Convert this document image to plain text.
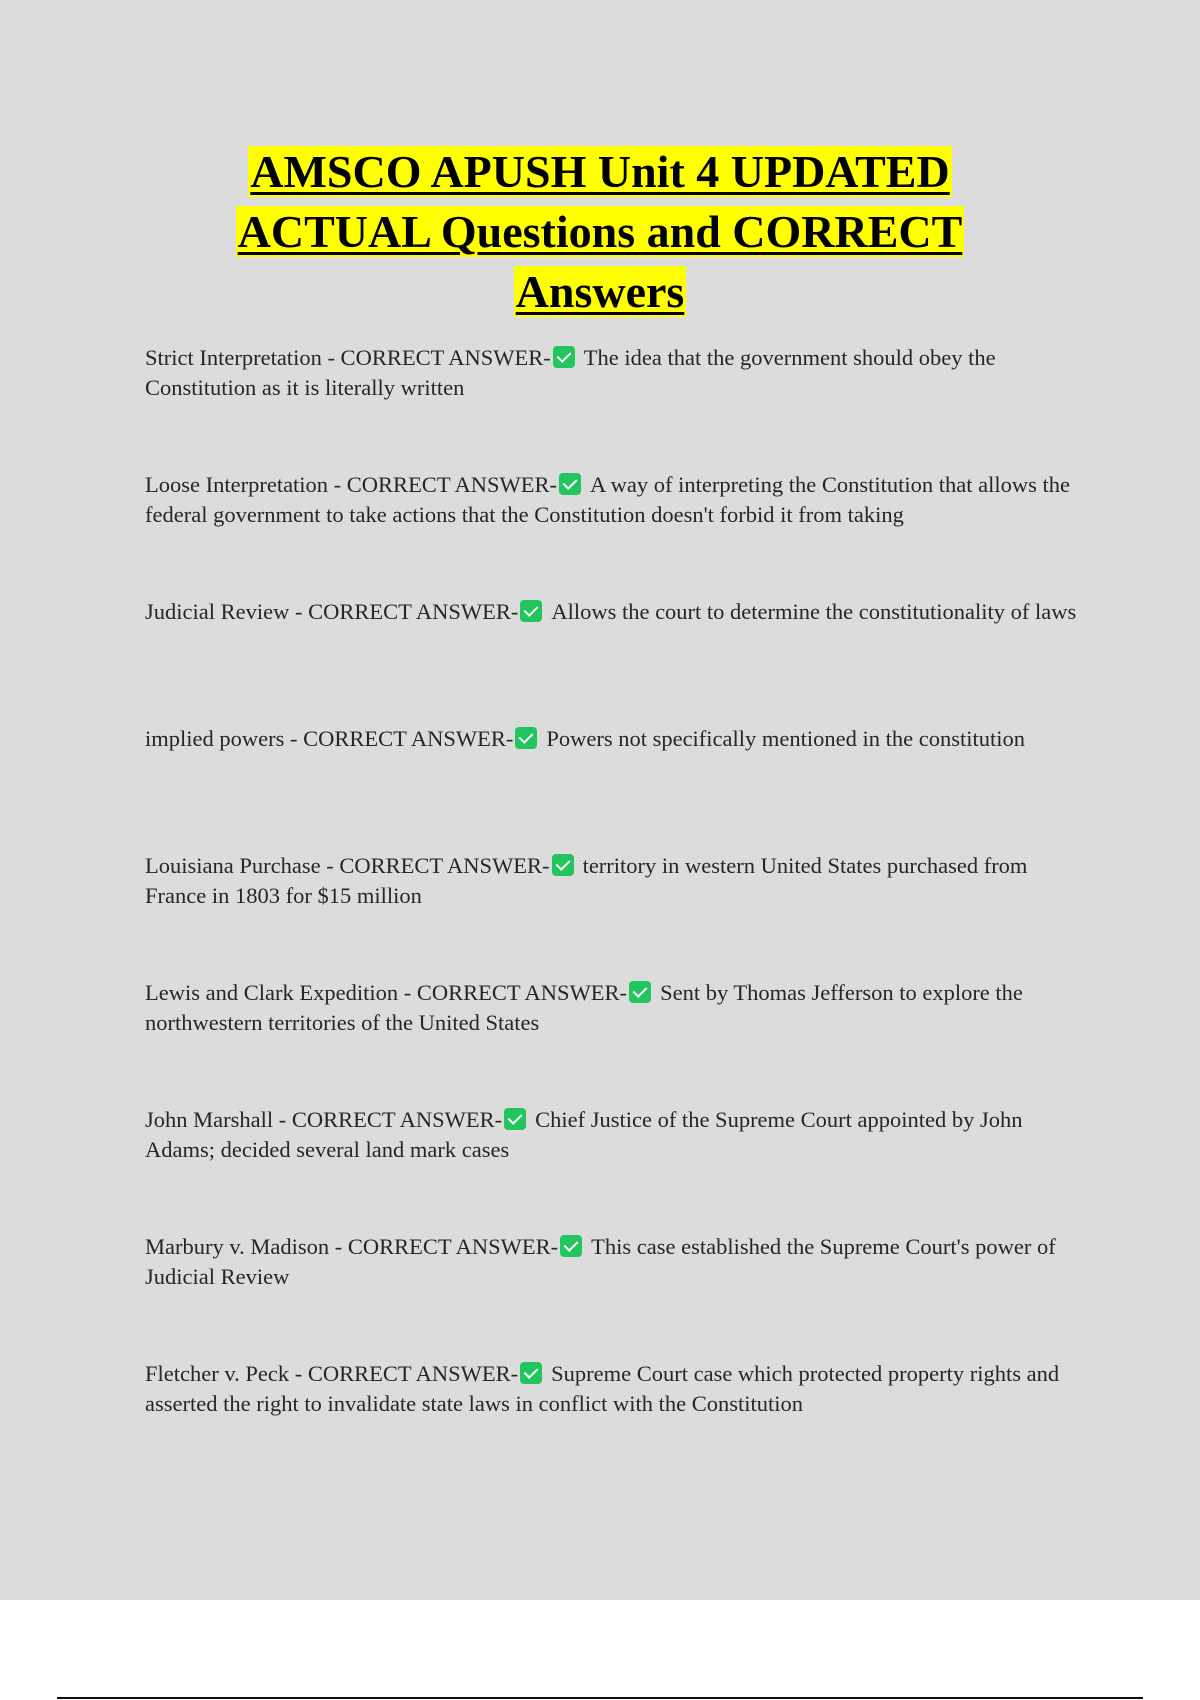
AMSCO APUSH Unit 4 UPDATED
ACTUAL Questions and CORRECT
Answers
Strict Interpretation - CORRECT ANSWER- The idea that the government should obey the Constitution as it is literally written
Loose Interpretation - CORRECT ANSWER- A way of interpreting the Constitution that allows the federal government to take actions that the Constitution doesn't forbid it from taking
Judicial Review - CORRECT ANSWER- Allows the court to determine the constitutionality of laws
implied powers - CORRECT ANSWER- Powers not specifically mentioned in the constitution
Louisiana Purchase - CORRECT ANSWER- territory in western United States purchased from France in 1803 for $15 million
Lewis and Clark Expedition - CORRECT ANSWER- Sent by Thomas Jefferson to explore the northwestern territories of the United States
John Marshall - CORRECT ANSWER- Chief Justice of the Supreme Court appointed by John Adams; decided several land mark cases
Marbury v. Madison - CORRECT ANSWER- This case established the Supreme Court's power of Judicial Review
Fletcher v. Peck - CORRECT ANSWER- Supreme Court case which protected property rights and asserted the right to invalidate state laws in conflict with the Constitution
